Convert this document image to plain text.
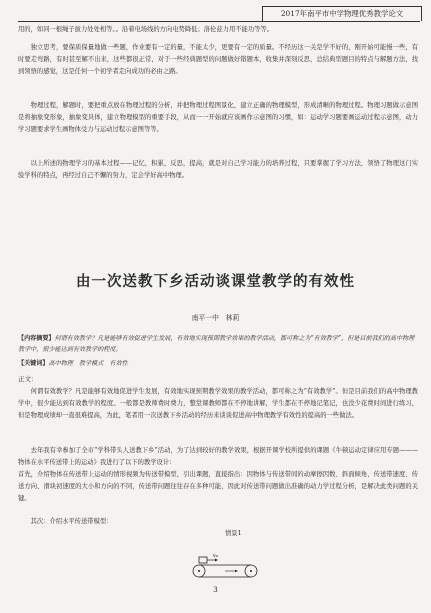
2017年南平市中学物理优秀教学论文

用的，如同一根绳子拔力处处相等。。沿着电场线的方向电势降低；洛伦兹力用不能功等等。

独立思考，要保质保量地做一些题，作业要有一定的量，不能太少，更要有一定的质量。不经历这一关是学不好的，刚开始可能慢一些，有时要走弯路，有时甚至解不出来，这些都很正常，对于一些经典题型的问题做好错题本，收集并深刻反思，总结典型题目的特点与解题方法，找到领悟的感觉，这是任何一个初学者走向成功的必由之路。

物理过程，解题时，要把重点放在物理过程的分析，并把物理过程图景化，建立正确的物理模型，形成清晰的物理过程。物理习题做示意图是将抽象变形象，抽象变具体，建立物理模型的重要手段，从而一一开始就应该画作示意图的习惯，如：运动学习题要画运动过程示意图，动力学习题要求学生画物体受力与运动过程示意图等等。

以上所述的物理学习的基本过程——记忆，积累，反思，提高，就是对自己学习能力的培养过程，只要掌握了学习方法，领悟了物理这门实验学科的特点，再经过自己不懈的努力，定会学好高中物理。

由一次送教下乡活动谈课堂教学的有效性
南平一中　林莉

【内容摘要】何谓有效教学？凡是能够有效促进学生发展，有效地实现预期教学效果的教学活动，都可称之为“有效教学”，但是目前我们的高中物理教学中，很少能达到有效教学的程度。

【关键词】高中物理　教学模式　有效性
正文：

何谓有效教学？凡是能够有效地促进学生发展，有效地实现预期教学效果的教学活动，都可称之为“有效教学”。但是目前我们的高中物理教学中，很少能达到有效教学的程度。一般都是教师费时费力，整堂课教师都在不停地讲解，学生都在不停地记笔记，也没少花费时间进行练习，但是物理成绩却一直很难提高，为此，笔者用一次送教下乡活动的经历来谈谈促进高中物理教学有效性的提高的一些做法。

去年我有幸参加了全市“学科带头人送教下乡”活动，为了达到较好的教学效果，根据开课学校所提供的课题《牛顿运动定律应用专题———物体在水平传送带上的运动》我进行了以下的教学设计：

首先，介绍物体在传送带上运动的情形视频为传送带模型，引出课题，直接指出：因物体与传送带间的动摩擦因数、斜面倾角、传送带速度、传送方向、滑块初速度的大小和方向的不同，传送带问题往往存在多种可能，因此对传送带问题做出准确的动力学过程分析，是解决此类问题的关键。

其次：介绍水平传送带模型：

情景1
v₀
3
